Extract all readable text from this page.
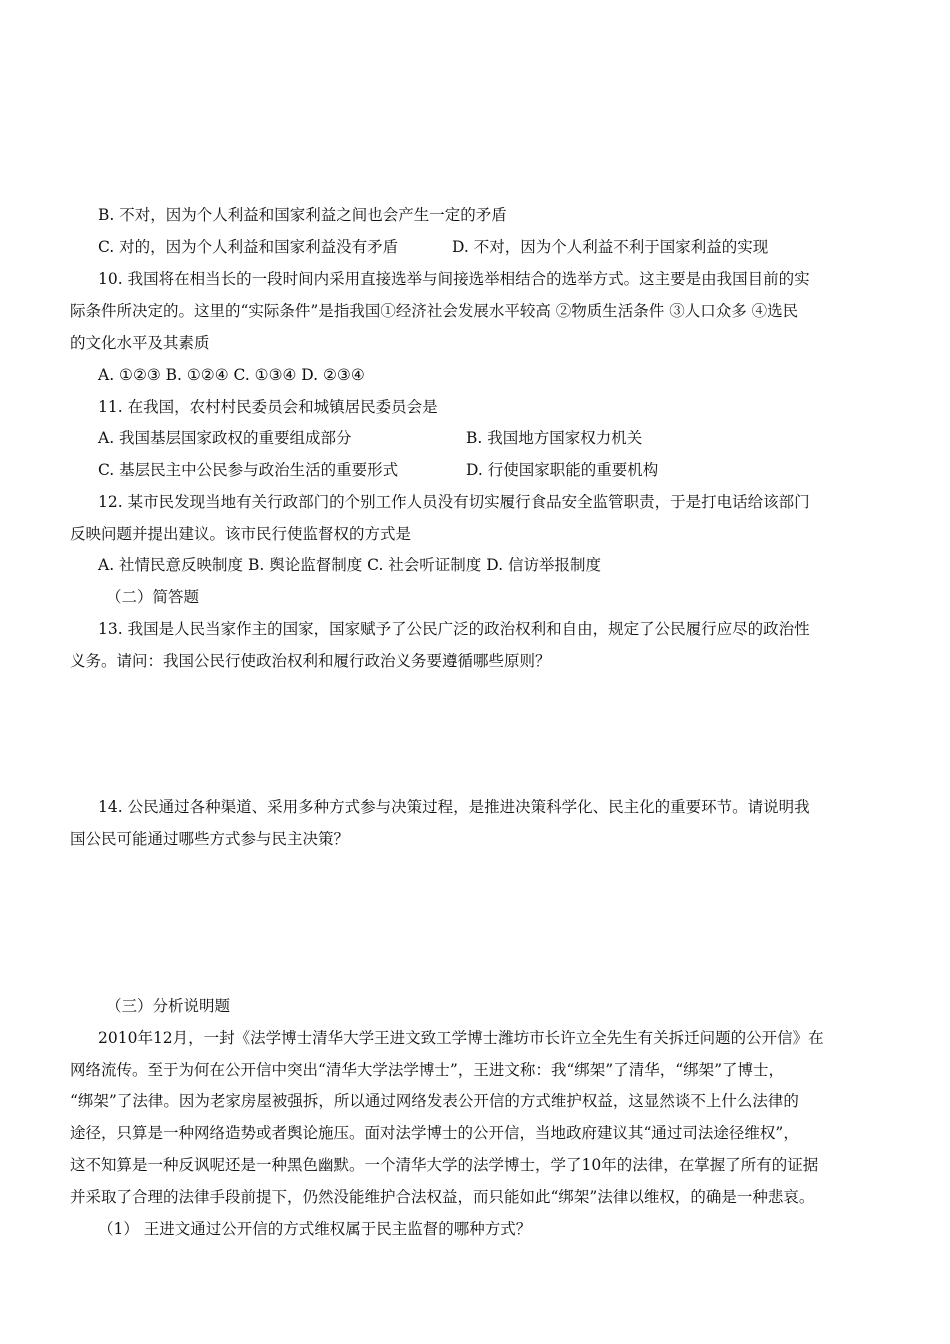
B. 不对，因为个人利益和国家利益之间也会产生一定的矛盾
C. 对的，因为个人利益和国家利益没有矛盾	D. 不对，因为个人利益不利于国家利益的实现
10. 我国将在相当长的一段时间内采用直接选举与间接选举相结合的选举方式。这主要是由我国目前的实
际条件所决定的。这里的“实际条件”是指我国①经济社会发展水平较高 ②物质生活条件 ③人口众多 ④选民
的文化水平及其素质
A. ①②③ B. ①②④ C. ①③④ D. ②③④
11. 在我国，农村村民委员会和城镇居民委员会是
A. 我国基层国家政权的重要组成部分	B. 我国地方国家权力机关
C. 基层民主中公民参与政治生活的重要形式	D. 行使国家职能的重要机构
12. 某市民发现当地有关行政部门的个别工作人员没有切实履行食品安全监管职责，于是打电话给该部门
反映问题并提出建议。该市民行使监督权的方式是
A. 社情民意反映制度 B. 舆论监督制度 C. 社会听证制度 D. 信访举报制度
（二）简答题
13. 我国是人民当家作主的国家，国家赋予了公民广泛的政治权利和自由，规定了公民履行应尽的政治性
义务。请问：我国公民行使政治权利和履行政治义务要遵循哪些原则？
14. 公民通过各种渠道、采用多种方式参与决策过程，是推进决策科学化、民主化的重要环节。请说明我
国公民可能通过哪些方式参与民主决策？
（三）分析说明题
2010年12月，一封《法学博士清华大学王进文致工学博士潍坊市长许立全先生有关拆迁问题的公开信》在
网络流传。至于为何在公开信中突出“清华大学法学博士”，王进文称：我“绑架”了清华，“绑架”了博士，
“绑架”了法律。因为老家房屋被强拆，所以通过网络发表公开信的方式维护权益，这显然谈不上什么法律的
途径，只算是一种网络造势或者舆论施压。面对法学博士的公开信，当地政府建议其“通过司法途径维权”，
这不知算是一种反讽呢还是一种黑色幽默。一个清华大学的法学博士，学了10年的法律，在掌握了所有的证据
并采取了合理的法律手段前提下，仍然没能维护合法权益，而只能如此“绑架”法律以维权，的确是一种悲哀。
（1） 王进文通过公开信的方式维权属于民主监督的哪种方式？
